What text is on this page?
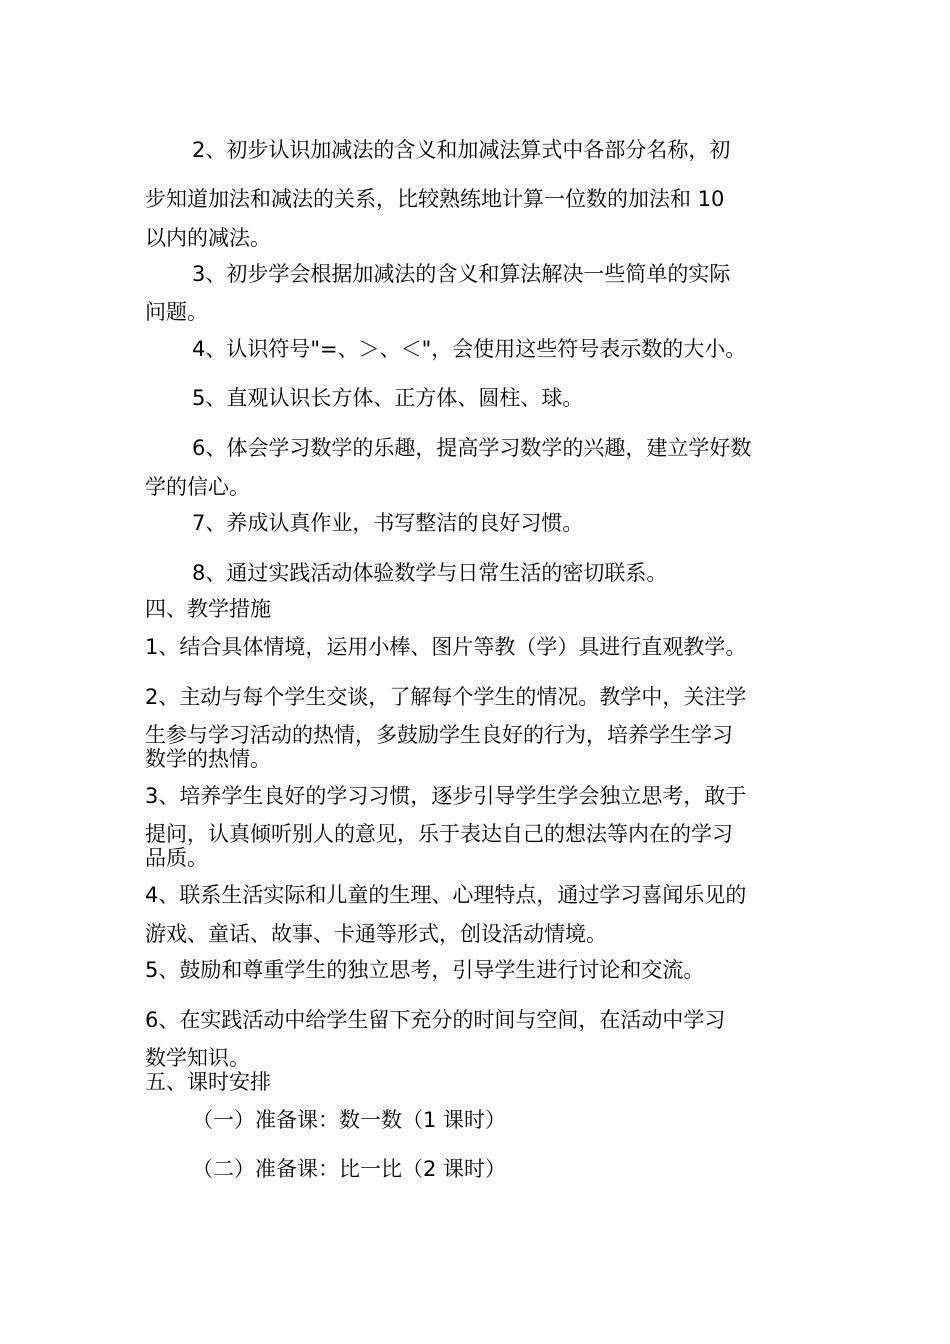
2、初步认识加减法的含义和加减法算式中各部分名称，初

步知道加法和减法的关系，比较熟练地计算一位数的加法和 10

以内的减法。

3、初步学会根据加减法的含义和算法解决一些简单的实际

问题。

4、认识符号"=、＞、＜"，会使用这些符号表示数的大小。

5、直观认识长方体、正方体、圆柱、球。

6、体会学习数学的乐趣，提高学习数学的兴趣，建立学好数

学的信心。

7、养成认真作业，书写整洁的良好习惯。

8、通过实践活动体验数学与日常生活的密切联系。

四、教学措施

1、结合具体情境，运用小棒、图片等教（学）具进行直观教学。

2、主动与每个学生交谈，了解每个学生的情况。教学中，关注学

生参与学习活动的热情，多鼓励学生良好的行为，培养学生学习

数学的热情。

3、培养学生良好的学习习惯，逐步引导学生学会独立思考，敢于

提问，认真倾听别人的意见，乐于表达自己的想法等内在的学习

品质。

4、联系生活实际和儿童的生理、心理特点，通过学习喜闻乐见的

游戏、童话、故事、卡通等形式，创设活动情境。

5、鼓励和尊重学生的独立思考，引导学生进行讨论和交流。

6、在实践活动中给学生留下充分的时间与空间，在活动中学习

数学知识。

五、课时安排

（一）准备课：数一数（1 课时）

（二）准备课：比一比（2 课时）
